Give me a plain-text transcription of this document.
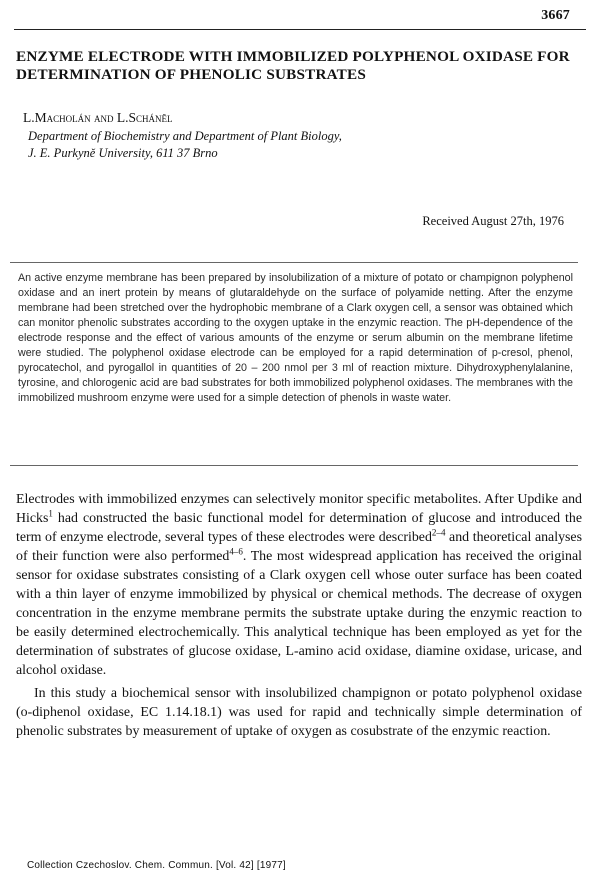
3667
ENZYME ELECTRODE WITH IMMOBILIZED POLYPHENOL OXIDASE FOR DETERMINATION OF PHENOLIC SUBSTRATES
L.Macholán and L.Schánĕl
Department of Biochemistry and Department of Plant Biology,
J. E. Purkyně University, 611 37 Brno
Received August 27th, 1976
An active enzyme membrane has been prepared by insolubilization of a mixture of potato or champignon polyphenol oxidase and an inert protein by means of glutaraldehyde on the surface of polyamide netting. After the enzyme membrane had been stretched over the hydrophobic membrane of a Clark oxygen cell, a sensor was obtained which can monitor phenolic substrates according to the oxygen uptake in the enzymic reaction. The pH-dependence of the electrode response and the effect of various amounts of the enzyme or serum albumin on the membrane lifetime were studied. The polyphenol oxidase electrode can be employed for a rapid determination of p-cresol, phenol, pyrocatechol, and pyrogallol in quantities of 20 – 200 nmol per 3 ml of reaction mixture. Dihydroxyphenylalanine, tyrosine, and chlorogenic acid are bad substrates for both immobilized polyphenol oxidases. The membranes with the immobilized mushroom enzyme were used for a simple detection of phenols in waste water.

Electrodes with immobilized enzymes can selectively monitor specific metabolites. After Updike and Hicks$^1$ had constructed the basic functional model for determination of glucose and introduced the term of enzyme electrode, several types of these electrodes were described$^{2-4}$ and theoretical analyses of their function were also performed$^{4-6}$. The most widespread application has received the original sensor for oxidase substrates consisting of a Clark oxygen cell whose outer surface has been coated with a thin layer of enzyme immobilized by physical or chemical methods. The decrease of oxygen concentration in the enzyme membrane permits the substrate uptake during the enzymic reaction to be easily determined electrochemically. This analytical technique has been employed as yet for the determination of substrates of glucose oxidase, L-amino acid oxidase, diamine oxidase, uricase, and alcohol oxidase.

In this study a biochemical sensor with insolubilized champignon or potato polyphenol oxidase (o-diphenol oxidase, EC 1.14.18.1) was used for rapid and technically simple determination of phenolic substrates by measurement of uptake of oxygen as cosubstrate of the enzymic reaction.

Collection Czechoslov. Chem. Commun. [Vol. 42] [1977]
